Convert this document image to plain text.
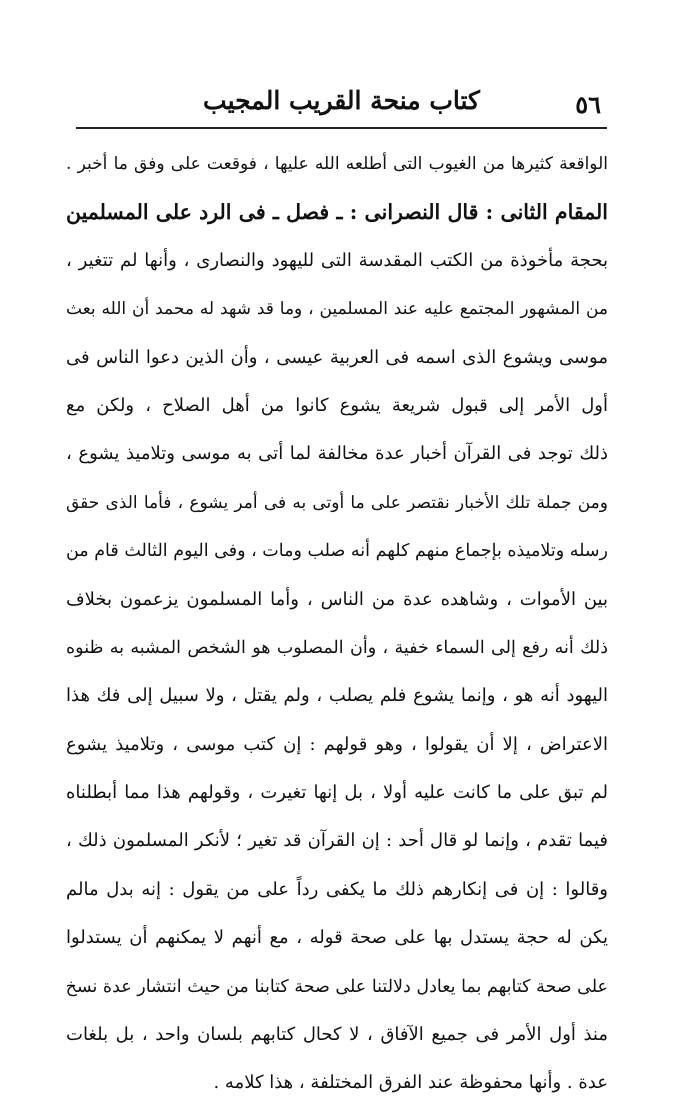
٥٦
كتاب منحة القريب المجيب
الواقعة كثيرها من الغيوب التى أطلعه الله عليها ، فوقعت على وفق ما أخبر .
المقام الثانى : قال النصرانى : ـ فصل ـ فى الرد على المسلمين
بحجة مأخوذة من الكتب المقدسة التى لليهود والنصارى ، وأنها لم تتغير ،
من المشهور المجتمع عليه عند المسلمين ، وما قد شهد له محمد أن الله بعث
موسى ويشوع الذى اسمه فى العربية عيسى ، وأن الذين دعوا الناس فى
أول الأمر إلى قبول شريعة يشوع كانوا من أهل الصلاح ، ولكن مع
ذلك توجد فى القرآن أخبار عدة مخالفة لما أتى به موسى وتلاميذ يشوع ،
ومن جملة تلك الأخبار نقتصر على ما أوتى به فى أمر يشوع ، فأما الذى حقق
رسله وتلاميذه بإجماع منهم كلهم أنه صلب ومات ، وفى اليوم الثالث قام من
بين الأموات ، وشاهده عدة من الناس ، وأما المسلمون يزعمون بخلاف
ذلك أنه رفع إلى السماء خفية ، وأن المصلوب هو الشخص المشبه به ظنوه
اليهود أنه هو ، وإنما يشوع فلم يصلب ، ولم يقتل ، ولا سبيل إلى فك هذا
الاعتراض ، إلا أن يقولوا ، وهو قولهم : إن كتب موسى ، وتلاميذ يشوع
لم تبق على ما كانت عليه أولا ، بل إنها تغيرت ، وقولهم هذا مما أبطلناه
فيما تقدم ، وإنما لو قال أحد : إن القرآن قد تغير ؛ لأنكر المسلمون ذلك ،
وقالوا : إن فى إنكارهم ذلك ما يكفى رداً على من يقول : إنه بدل مالم
يكن له حجة يستدل بها على صحة قوله ، مع أنهم لا يمكنهم أن يستدلوا
على صحة كتابهم بما يعادل دلالتنا على صحة كتابنا من حيث انتشار عدة نسخ
منذ أول الأمر فى جميع الآفاق ، لا كحال كتابهم بلسان واحد ، بل بلغات
عدة . وأنها محفوظة عند الفرق المختلفة ، هذا كلامه .
